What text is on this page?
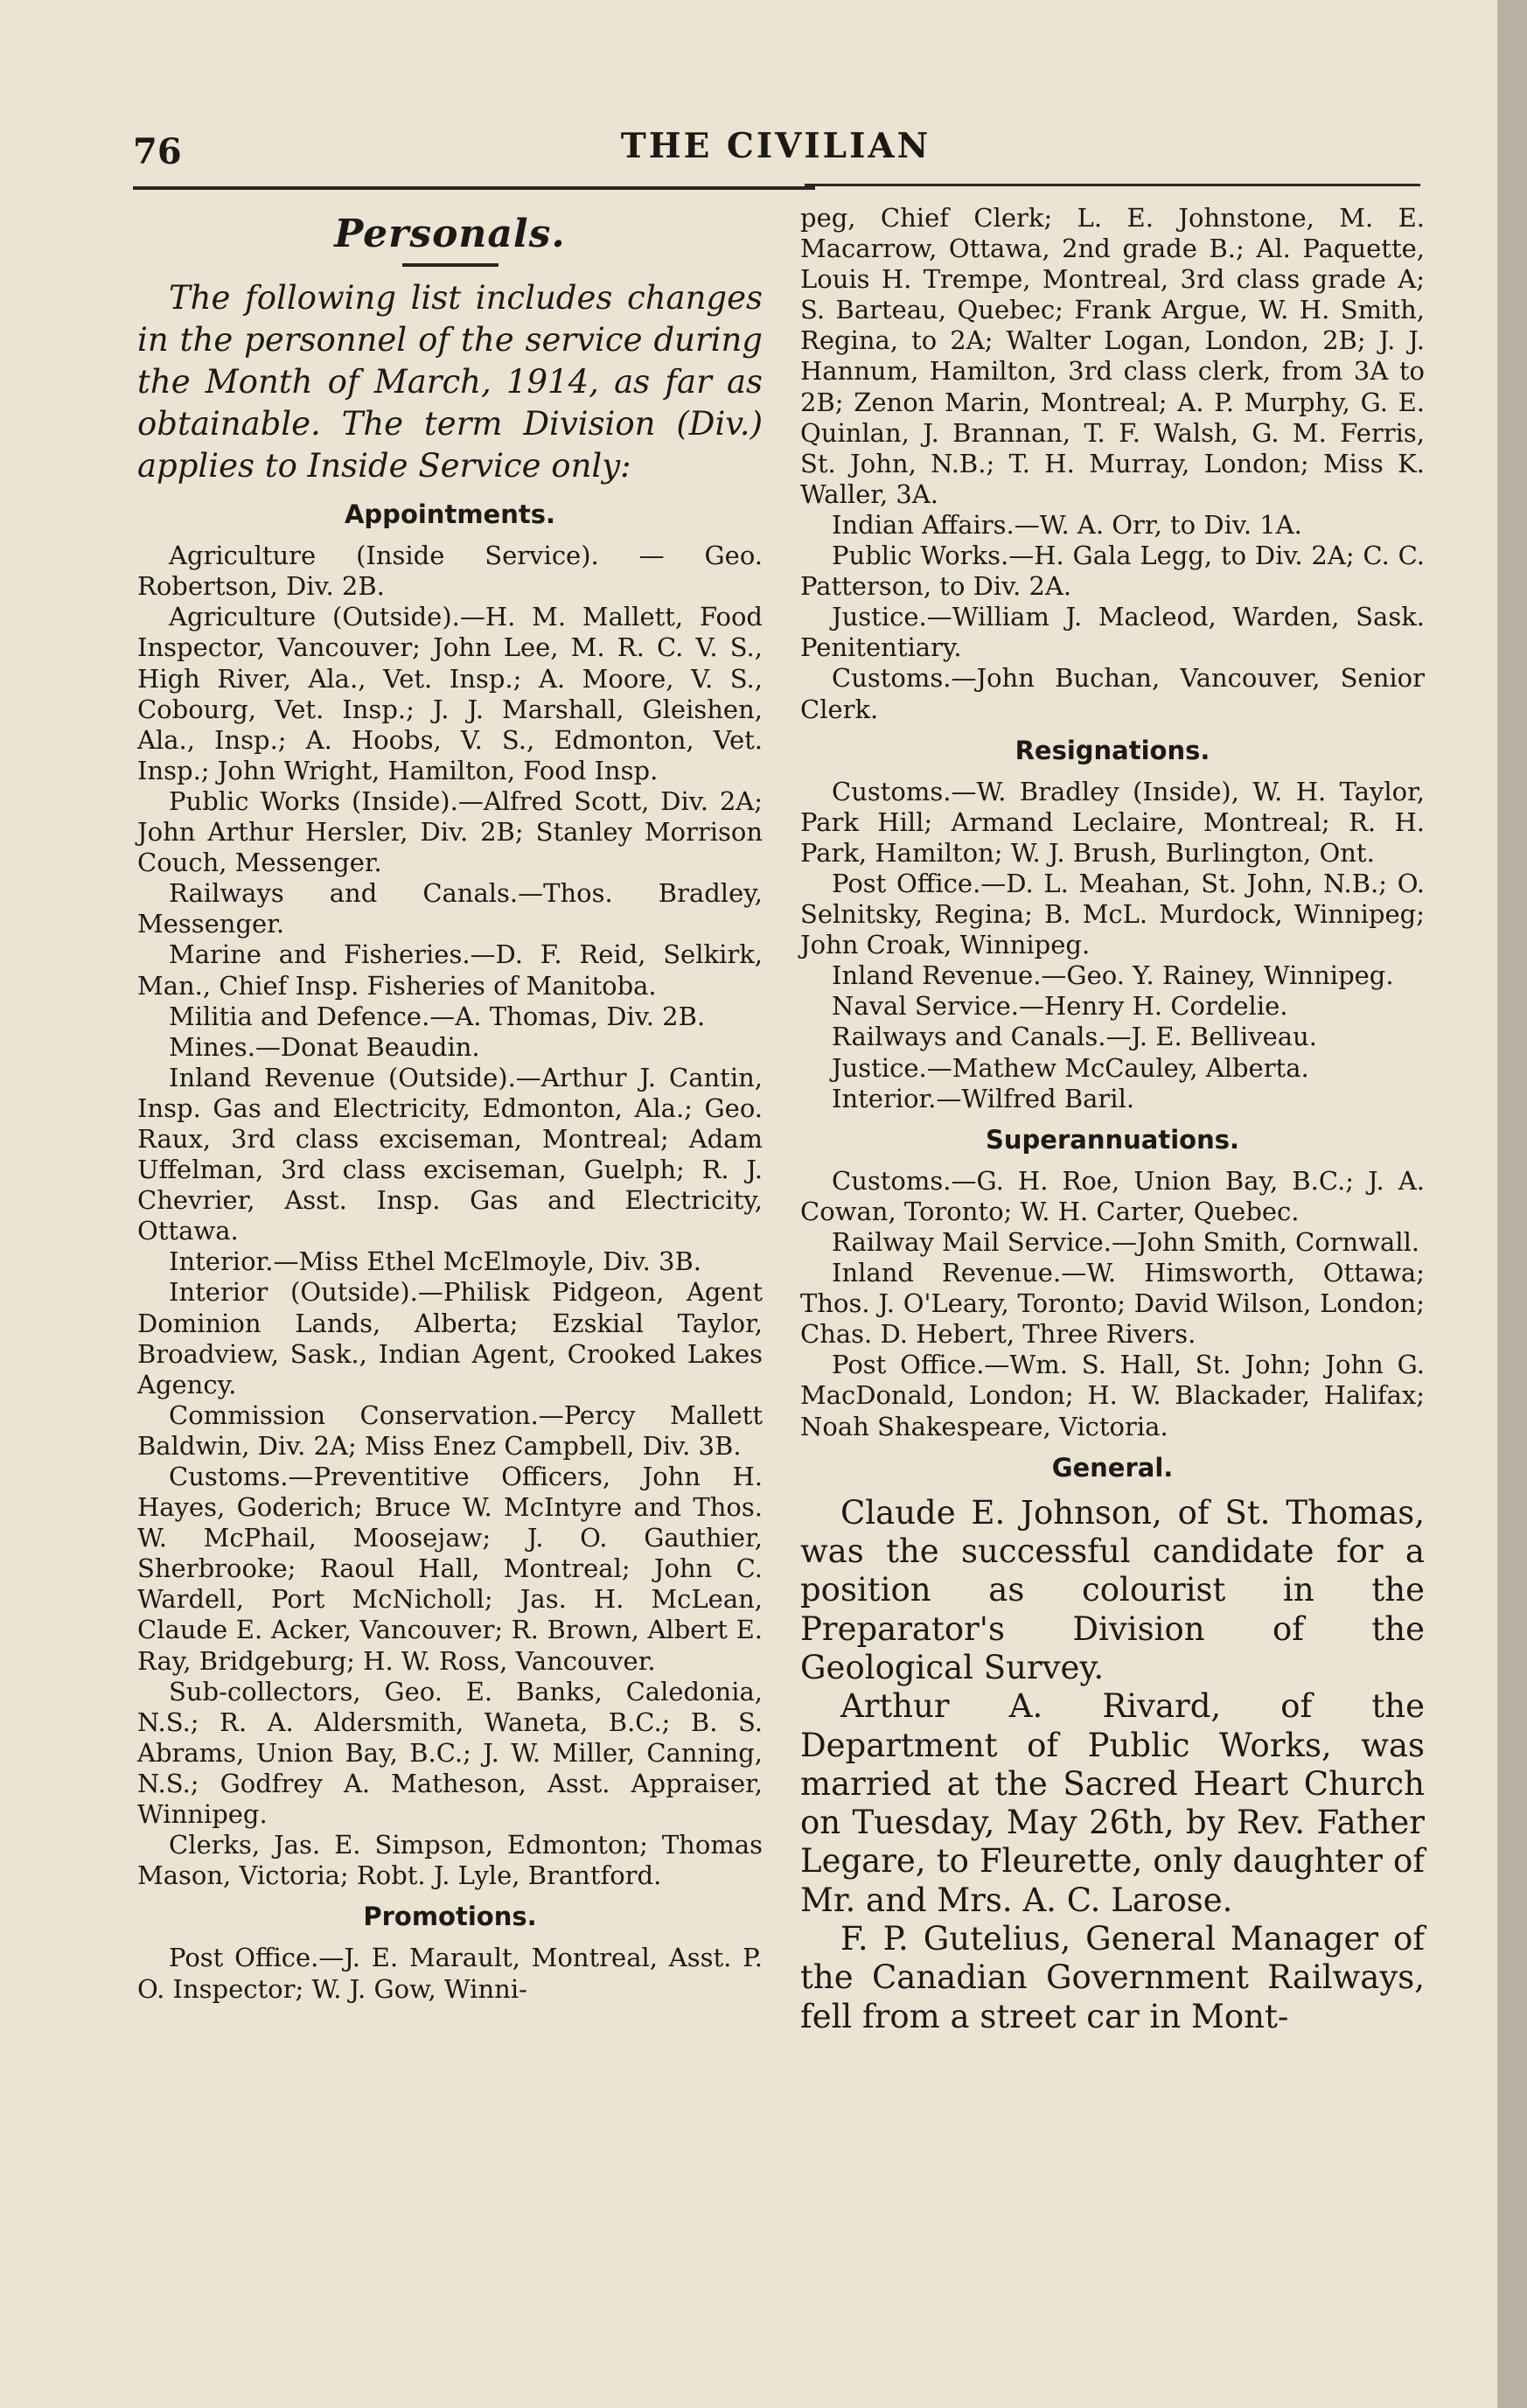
76	THE CIVILIAN
Personals.

The following list includes changes in the personnel of the service during the Month of March, 1914, as far as obtainable. The term Division (Div.) applies to Inside Service only:

Appointments.

Agriculture (Inside Service). — Geo. Robertson, Div. 2B.

Agriculture (Outside).—H. M. Mallett, Food Inspector, Vancouver; John Lee, M. R. C. V. S., High River, Ala., Vet. Insp.; A. Moore, V. S., Cobourg, Vet. Insp.; J. J. Marshall, Gleishen, Ala., Insp.; A. Hoobs, V. S., Edmonton, Vet. Insp.; John Wright, Hamilton, Food Insp.

Public Works (Inside).—Alfred Scott, Div. 2A; John Arthur Hersler, Div. 2B; Stanley Morrison Couch, Messenger.

Railways and Canals.—Thos. Bradley, Messenger.

Marine and Fisheries.—D. F. Reid, Selkirk, Man., Chief Insp. Fisheries of Manitoba.

Militia and Defence.—A. Thomas, Div. 2B.

Mines.—Donat Beaudin.

Inland Revenue (Outside).—Arthur J. Cantin, Insp. Gas and Electricity, Edmonton, Ala.; Geo. Raux, 3rd class exciseman, Montreal; Adam Uffelman, 3rd class exciseman, Guelph; R. J. Chevrier, Asst. Insp. Gas and Electricity, Ottawa.

Interior.—Miss Ethel McElmoyle, Div. 3B.

Interior (Outside).—Philisk Pidgeon, Agent Dominion Lands, Alberta; Ezskial Taylor, Broadview, Sask., Indian Agent, Crooked Lakes Agency.

Commission Conservation.—Percy Mallett Baldwin, Div. 2A; Miss Enez Campbell, Div. 3B.

Customs.—Preventitive Officers, John H. Hayes, Goderich; Bruce W. McIntyre and Thos. W. McPhail, Moosejaw; J. O. Gauthier, Sherbrooke; Raoul Hall, Montreal; John C. Wardell, Port McNicholl; Jas. H. McLean, Claude E. Acker, Vancouver; R. Brown, Albert E. Ray, Bridgeburg; H. W. Ross, Vancouver.

Sub-collectors, Geo. E. Banks, Caledonia, N.S.; R. A. Aldersmith, Waneta, B.C.; B. S. Abrams, Union Bay, B.C.; J. W. Miller, Canning, N.S.; Godfrey A. Matheson, Asst. Appraiser, Winnipeg.

Clerks, Jas. E. Simpson, Edmonton; Thomas Mason, Victoria; Robt. J. Lyle, Brantford.

Promotions.

Post Office.—J. E. Marault, Montreal, Asst. P. O. Inspector; W. J. Gow, Winni-

peg, Chief Clerk; L. E. Johnstone, M. E. Macarrow, Ottawa, 2nd grade B.; Al. Paquette, Louis H. Trempe, Montreal, 3rd class grade A; S. Barteau, Quebec; Frank Argue, W. H. Smith, Regina, to 2A; Walter Logan, London, 2B; J. J. Hannum, Hamilton, 3rd class clerk, from 3A to 2B; Zenon Marin, Montreal; A. P. Murphy, G. E. Quinlan, J. Brannan, T. F. Walsh, G. M. Ferris, St. John, N.B.; T. H. Murray, London; Miss K. Waller, 3A.

Indian Affairs.—W. A. Orr, to Div. 1A.

Public Works.—H. Gala Legg, to Div. 2A; C. C. Patterson, to Div. 2A.

Justice.—William J. Macleod, Warden, Sask. Penitentiary.

Customs.—John Buchan, Vancouver, Senior Clerk.

Resignations.

Customs.—W. Bradley (Inside), W. H. Taylor, Park Hill; Armand Leclaire, Montreal; R. H. Park, Hamilton; W. J. Brush, Burlington, Ont.

Post Office.—D. L. Meahan, St. John, N.B.; O. Selnitsky, Regina; B. McL. Murdock, Winnipeg; John Croak, Winnipeg.

Inland Revenue.—Geo. Y. Rainey, Winnipeg.

Naval Service.—Henry H. Cordelie.

Railways and Canals.—J. E. Belliveau.

Justice.—Mathew McCauley, Alberta.

Interior.—Wilfred Baril.

Superannuations.

Customs.—G. H. Roe, Union Bay, B.C.; J. A. Cowan, Toronto; W. H. Carter, Quebec.

Railway Mail Service.—John Smith, Cornwall.

Inland Revenue.—W. Himsworth, Ottawa; Thos. J. O'Leary, Toronto; David Wilson, London; Chas. D. Hebert, Three Rivers.

Post Office.—Wm. S. Hall, St. John; John G. MacDonald, London; H. W. Blackader, Halifax; Noah Shakespeare, Victoria.

General.

Claude E. Johnson, of St. Thomas, was the successful candidate for a position as colourist in the Preparator's Division of the Geological Survey.

Arthur A. Rivard, of the Department of Public Works, was married at the Sacred Heart Church on Tuesday, May 26th, by Rev. Father Legare, to Fleurette, only daughter of Mr. and Mrs. A. C. Larose.

F. P. Gutelius, General Manager of the Canadian Government Railways, fell from a street car in Mont-
